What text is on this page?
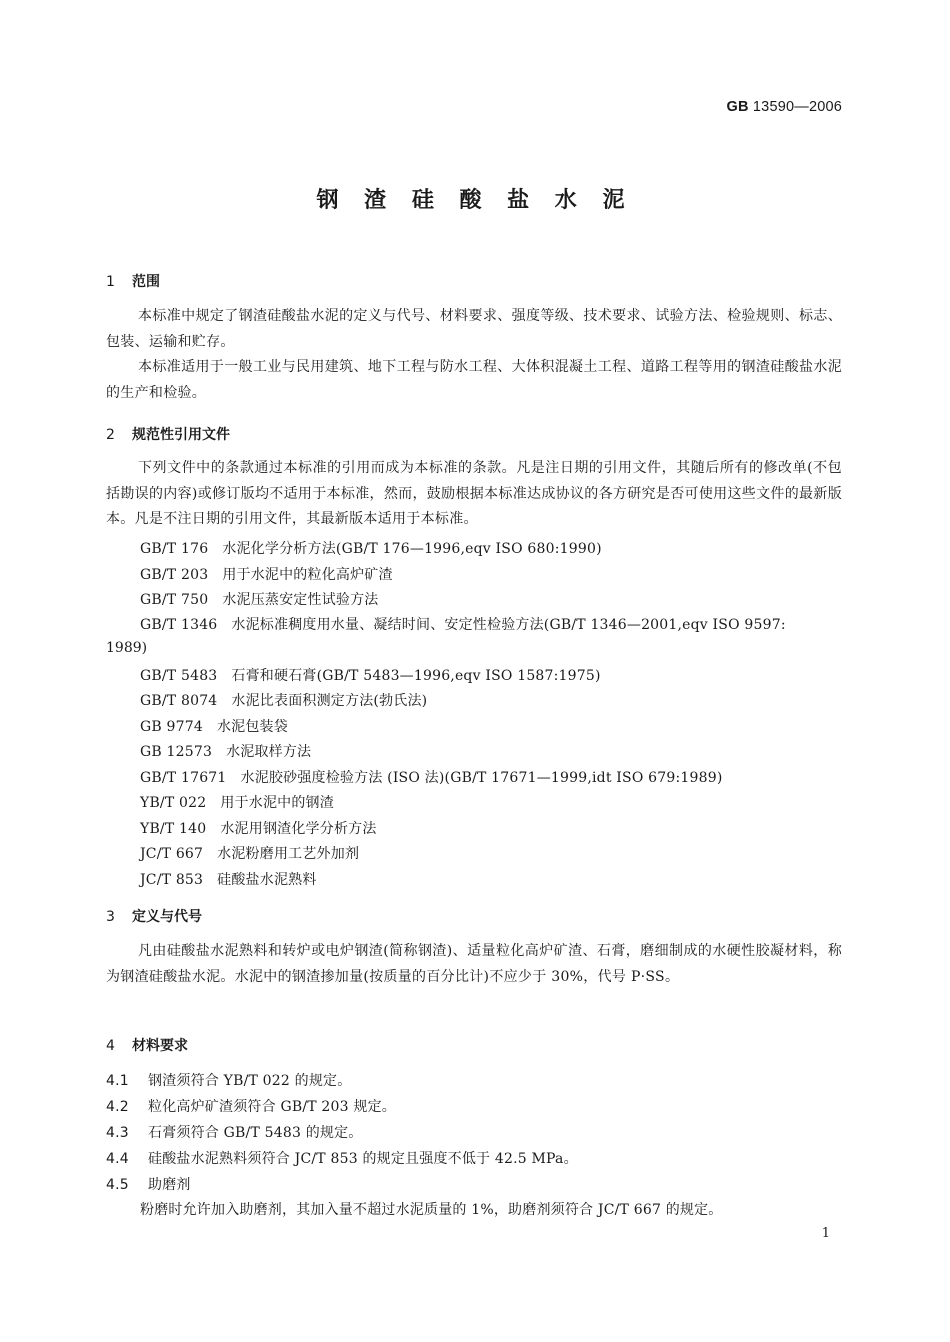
GB 13590—2006
钢 渣 硅 酸 盐 水 泥
1 范围
本标准中规定了钢渣硅酸盐水泥的定义与代号、材料要求、强度等级、技术要求、试验方法、检验规则、标志、包装、运输和贮存。
本标准适用于一般工业与民用建筑、地下工程与防水工程、大体积混凝土工程、道路工程等用的钢渣硅酸盐水泥的生产和检验。
2 规范性引用文件
下列文件中的条款通过本标准的引用而成为本标准的条款。凡是注日期的引用文件，其随后所有的修改单(不包括勘误的内容)或修订版均不适用于本标准，然而，鼓励根据本标准达成协议的各方研究是否可使用这些文件的最新版本。凡是不注日期的引用文件，其最新版本适用于本标准。
GB/T 176 水泥化学分析方法(GB/T 176—1996,eqv ISO 680:1990)
GB/T 203 用于水泥中的粒化高炉矿渣
GB/T 750 水泥压蒸安定性试验方法
GB/T 1346 水泥标准稠度用水量、凝结时间、安定性检验方法(GB/T 1346—2001,eqv ISO 9597:
1989)
GB/T 5483 石膏和硬石膏(GB/T 5483—1996,eqv ISO 1587:1975)
GB/T 8074 水泥比表面积测定方法(勃氏法)
GB 9774 水泥包装袋
GB 12573 水泥取样方法
GB/T 17671 水泥胶砂强度检验方法 (ISO 法)(GB/T 17671—1999,idt ISO 679:1989)
YB/T 022 用于水泥中的钢渣
YB/T 140 水泥用钢渣化学分析方法
JC/T 667 水泥粉磨用工艺外加剂
JC/T 853 硅酸盐水泥熟料
3 定义与代号
凡由硅酸盐水泥熟料和转炉或电炉钢渣(简称钢渣)、适量粒化高炉矿渣、石膏，磨细制成的水硬性胶凝材料，称为钢渣硅酸盐水泥。水泥中的钢渣掺加量(按质量的百分比计)不应少于 30%，代号 P·SS。
4 材料要求
4.1 钢渣须符合 YB/T 022 的规定。
4.2 粒化高炉矿渣须符合 GB/T 203 规定。
4.3 石膏须符合 GB/T 5483 的规定。
4.4 硅酸盐水泥熟料须符合 JC/T 853 的规定且强度不低于 42.5 MPa。
4.5 助磨剂
粉磨时允许加入助磨剂，其加入量不超过水泥质量的 1%，助磨剂须符合 JC/T 667 的规定。
1
